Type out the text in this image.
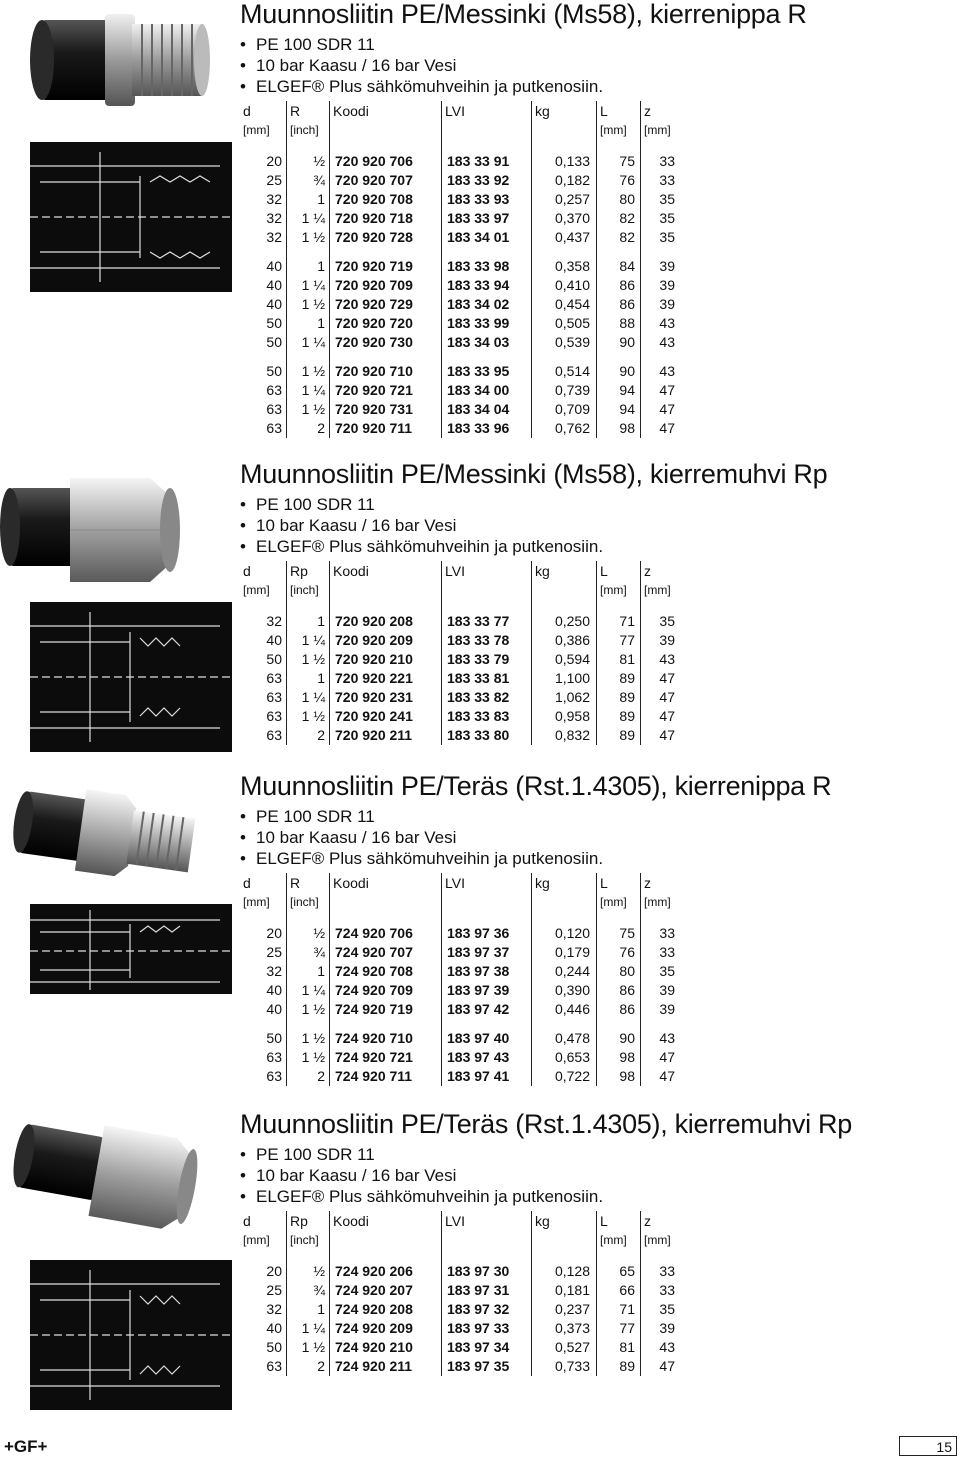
Muunnosliitin PE/Messinki (Ms58), kierrenippa R
• PE 100 SDR 11
• 10 bar Kaasu / 16 bar Vesi
• ELGEF® Plus sähkömuhveihin ja putkenosiin.
d	R	Koodi	LVI	kg	L	z
[mm]	[inch]				[mm]	[mm]

20	½	720 920 706	183 33 91	0,133	75	33
25	¾	720 920 707	183 33 92	0,182	76	33
32	1	720 920 708	183 33 93	0,257	80	35
32	1 ¼	720 920 718	183 33 97	0,370	82	35
32	1 ½	720 920 728	183 34 01	0,437	82	35

40	1	720 920 719	183 33 98	0,358	84	39
40	1 ¼	720 920 709	183 33 94	0,410	86	39
40	1 ½	720 920 729	183 34 02	0,454	86	39
50	1	720 920 720	183 33 99	0,505	88	43
50	1 ¼	720 920 730	183 34 03	0,539	90	43

50	1 ½	720 920 710	183 33 95	0,514	90	43
63	1 ¼	720 920 721	183 34 00	0,739	94	47
63	1 ½	720 920 731	183 34 04	0,709	94	47
63	2	720 920 711	183 33 96	0,762	98	47
Muunnosliitin PE/Messinki (Ms58), kierremuhvi Rp
• PE 100 SDR 11
• 10 bar Kaasu / 16 bar Vesi
• ELGEF® Plus sähkömuhveihin ja putkenosiin.
d	Rp	Koodi	LVI	kg	L	z
[mm]	[inch]				[mm]	[mm]

32	1	720 920 208	183 33 77	0,250	71	35
40	1 ¼	720 920 209	183 33 78	0,386	77	39
50	1 ½	720 920 210	183 33 79	0,594	81	43
63	1	720 920 221	183 33 81	1,100	89	47
63	1 ¼	720 920 231	183 33 82	1,062	89	47
63	1 ½	720 920 241	183 33 83	0,958	89	47
63	2	720 920 211	183 33 80	0,832	89	47
Muunnosliitin PE/Teräs (Rst.1.4305), kierrenippa R
• PE 100 SDR 11
• 10 bar Kaasu / 16 bar Vesi
• ELGEF® Plus sähkömuhveihin ja putkenosiin.
d	R	Koodi	LVI	kg	L	z
[mm]	[inch]				[mm]	[mm]

20	½	724 920 706	183 97 36	0,120	75	33
25	¾	724 920 707	183 97 37	0,179	76	33
32	1	724 920 708	183 97 38	0,244	80	35
40	1 ¼	724 920 709	183 97 39	0,390	86	39
40	1 ½	724 920 719	183 97 42	0,446	86	39

50	1 ½	724 920 710	183 97 40	0,478	90	43
63	1 ½	724 920 721	183 97 43	0,653	98	47
63	2	724 920 711	183 97 41	0,722	98	47
Muunnosliitin PE/Teräs (Rst.1.4305), kierremuhvi Rp
• PE 100 SDR 11
• 10 bar Kaasu / 16 bar Vesi
• ELGEF® Plus sähkömuhveihin ja putkenosiin.
d	Rp	Koodi	LVI	kg	L	z
[mm]	[inch]				[mm]	[mm]

20	½	724 920 206	183 97 30	0,128	65	33
25	¾	724 920 207	183 97 31	0,181	66	33
32	1	724 920 208	183 97 32	0,237	71	35
40	1 ¼	724 920 209	183 97 33	0,373	77	39
50	1 ½	724 920 210	183 97 34	0,527	81	43
63	2	724 920 211	183 97 35	0,733	89	47
+GF+	15
